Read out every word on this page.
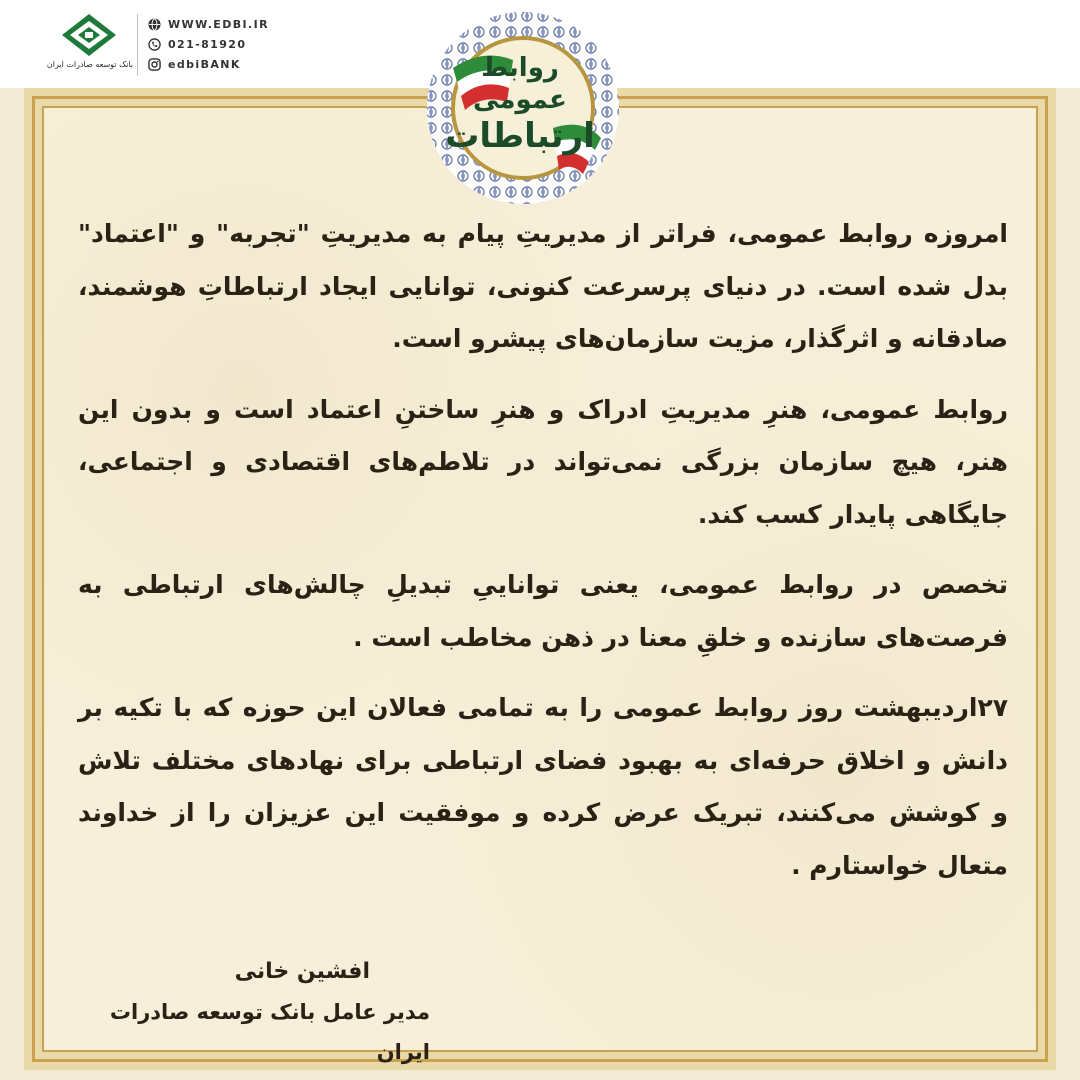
بانک توسعه صادرات ایران
WWW.EDBI.IR
021-81920
edbiBANK	روابط عمومی
ارتباطات

امروزه روابط عمومی، فراتر از مدیریتِ پیام به مدیریتِ "تجربه" و "اعتماد" بدل شده است. در دنیای پرسرعت کنونی، توانایی ایجاد ارتباطاتِ هوشمند، صادقانه و اثرگذار، مزیت سازمان‌های پیشرو است.

روابط عمومی، هنرِ مدیریتِ ادراک و هنرِ ساختنِ اعتماد است و بدون این هنر، هیچ سازمان بزرگی نمی‌تواند در تلاطم‌های اقتصادی و اجتماعی، جایگاهی پایدار کسب کند.

تخصص در روابط عمومی، یعنی تواناییِ تبدیلِ چالش‌های ارتباطی به فرصت‌های سازنده و خلقِ معنا در ذهن مخاطب است .

۲۷اردیبهشت روز روابط عمومی را به تمامی فعالان این حوزه که با تکیه بر دانش و اخلاق حرفه‌ای به بهبود فضای ارتباطی برای نهادهای مختلف تلاش و کوشش می‌کنند، تبریک عرض کرده و موفقیت این عزیزان را از خداوند متعال خواستارم .

افشین خانی
مدیر عامل بانک توسعه صادرات ایران
